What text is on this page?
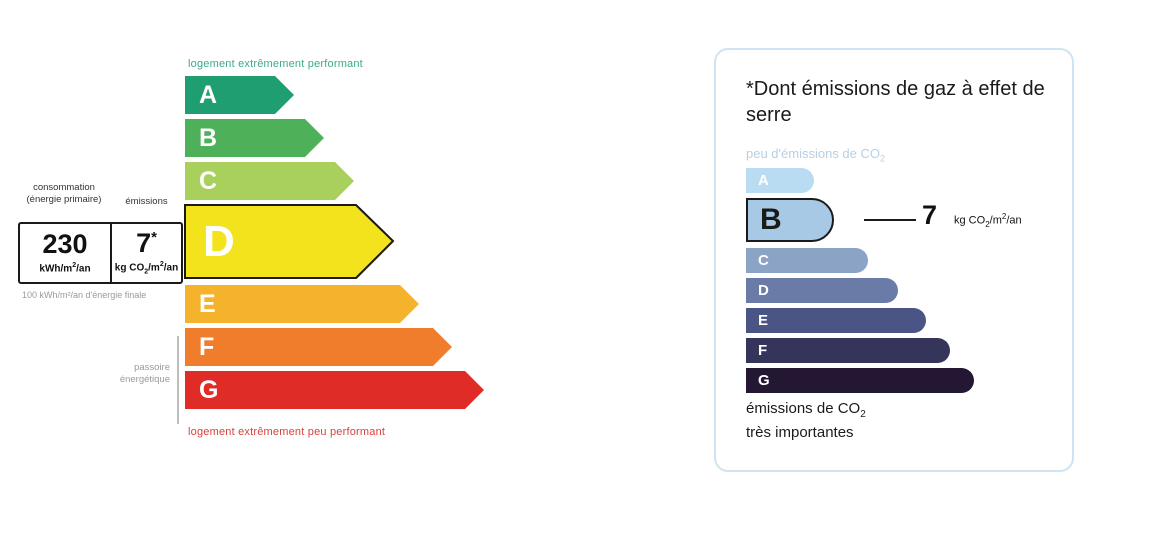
logement extrêmement performant
A
B
C
D
E
F
G
consommation (énergie primaire)	émissions
230
kWh/$m^2/an$
7*
kg $CO_2/m^2/an$
100 kWh/m²/an d'énergie finale
passoire énergétique
logement extrêmement peu performant
*Dont émissions de gaz à effet de serre
peu d'émissions de $CO_2$
A
B	7 kg $CO_2/m^2/an$
C
D
E
F
G
émissions de $CO_2$
très importantes
